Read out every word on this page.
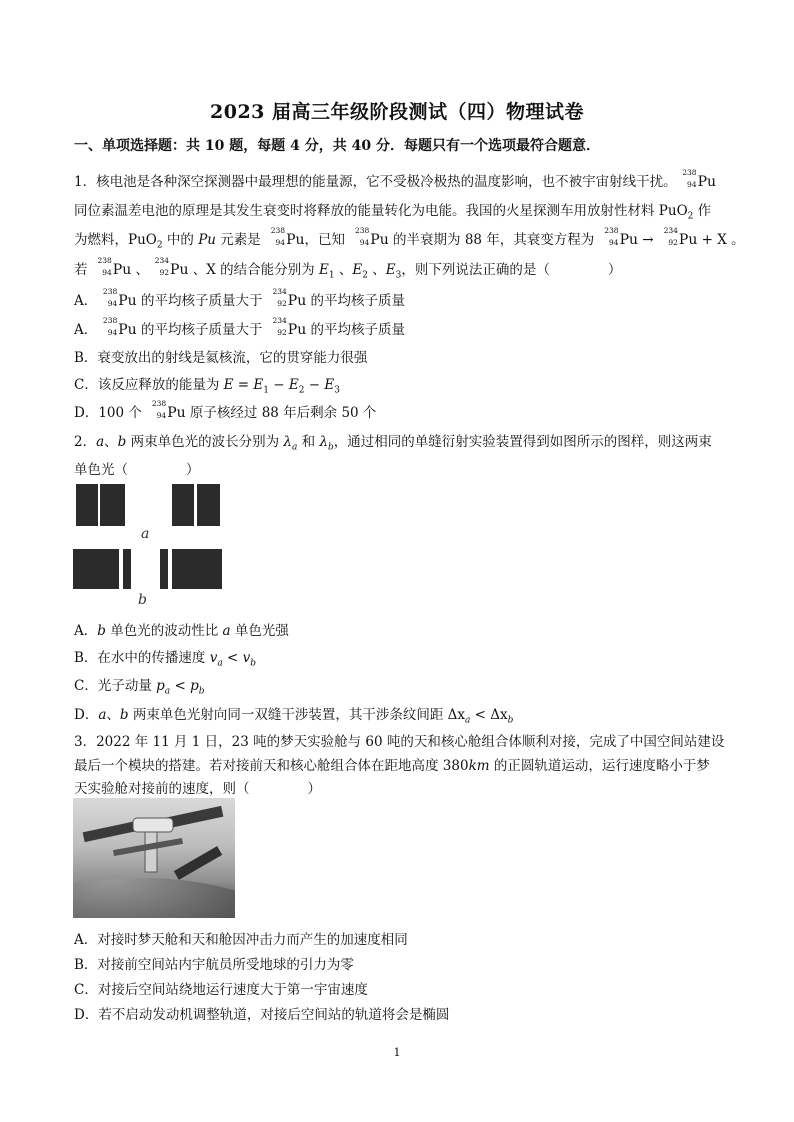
2023 届高三年级阶段测试（四）物理试卷
一、单项选择题：共 10 题，每题 4 分，共 40 分．每题只有一个选项最符合题意．
1．核电池是各种深空探测器中最理想的能量源，它不受极冷极热的温度影响，也不被宇宙射线干扰。
238
94 Pu
同位素温差电池的原理是其发生衰变时将释放的能量转化为电能。我国的火星探测车用放射性材料 PuO$_2$ 作
为燃料，PuO$_2$ 中的 Pu 元素是
238
94 Pu，已知
238
94 Pu 的半衰期为 88 年，其衰变方程为
238
94 Pu →
234
92 Pu + X 。
若
238
94 Pu 、
234
92 Pu 、X 的结合能分别为 $E_1$ 、$E_2$ 、$E_3$，则下列说法正确的是（	）
A．
238
94 Pu 的平均核子质量大于
234
92 Pu 的平均核子质量
A．
238
94 Pu 的平均核子质量大于
234
92 Pu 的平均核子质量
B．衰变放出的射线是氦核流，它的贯穿能力很强
C．该反应释放的能量为 $E = E_1 - E_2 - E_3$
D．100 个
238
94 Pu 原子核经过 88 年后剩余 50 个
2．a、b 两束单色光的波长分别为 $\lambda_a$ 和 $\lambda_b$，通过相同的单缝衍射实验装置得到如图所示的图样，则这两束
单色光（	）
a
b
A．b 单色光的波动性比 a 单色光强
B．在水中的传播速度 $v_a < v_b$
C．光子动量 $p_a < p_b$
D．a、b 两束单色光射向同一双缝干涉装置，其干涉条纹间距 $\Delta x_a < \Delta x_b$
3．2022 年 11 月 1 日，23 吨的梦天实验舱与 60 吨的天和核心舱组合体顺利对接，完成了中国空间站建设
最后一个模块的搭建。若对接前天和核心舱组合体在距地高度 380km 的正圆轨道运动，运行速度略小于梦
天实验舱对接前的速度，则（	）
A．对接时梦天舱和天和舱因冲击力而产生的加速度相同
B．对接前空间站内宇航员所受地球的引力为零
C．对接后空间站绕地运行速度大于第一宇宙速度
D．若不启动发动机调整轨道，对接后空间站的轨道将会是椭圆
1
